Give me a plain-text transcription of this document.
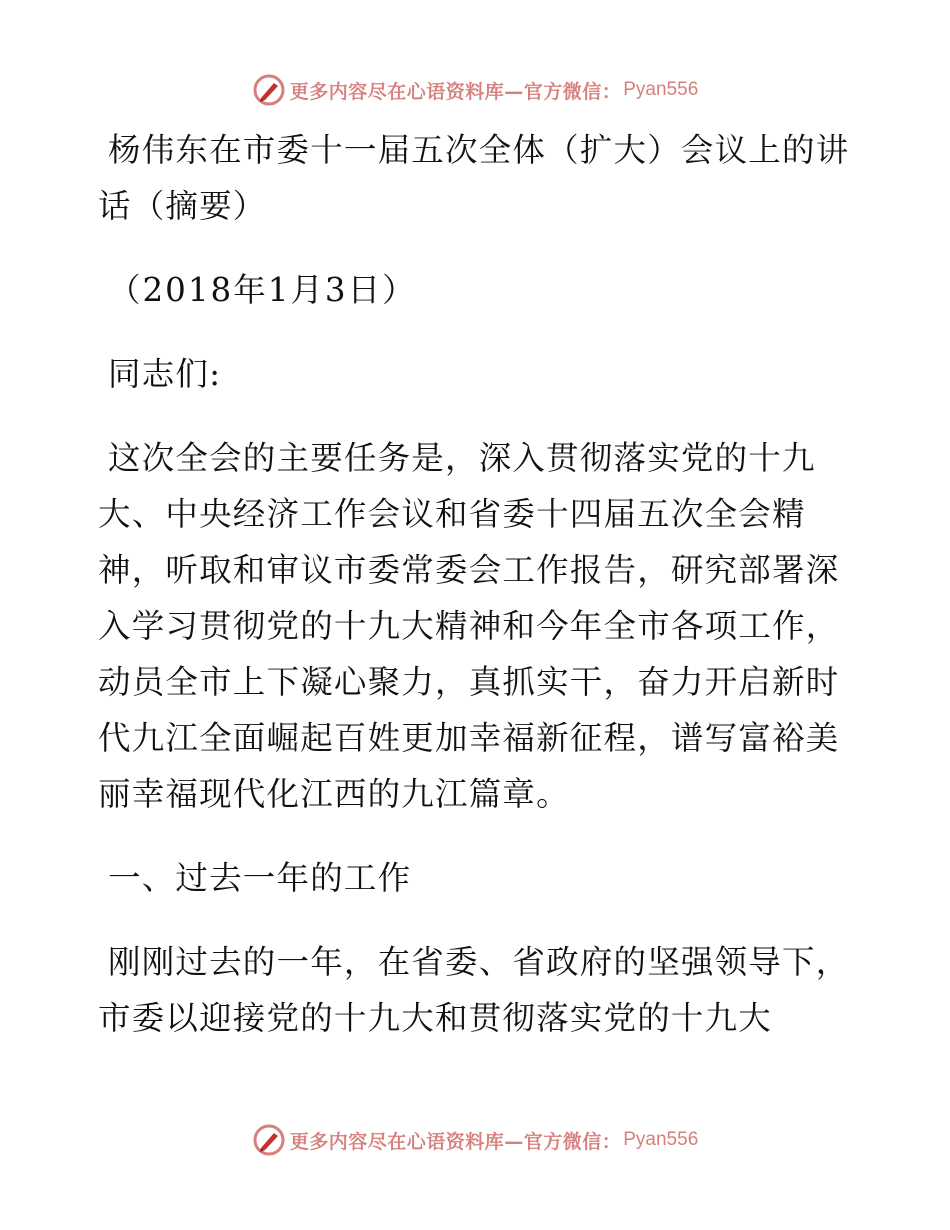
更多内容尽在心语资料库—官方微信： Pyan556

杨伟东在市委十一届五次全体（扩大）会议上的讲话（摘要）

（2018年1月3日）

同志们:

这次全会的主要任务是，深入贯彻落实党的十九大、中央经济工作会议和省委十四届五次全会精神，听取和审议市委常委会工作报告，研究部署深入学习贯彻党的十九大精神和今年全市各项工作，动员全市上下凝心聚力，真抓实干，奋力开启新时代九江全面崛起百姓更加幸福新征程，谱写富裕美丽幸福现代化江西的九江篇章。

一、过去一年的工作

刚刚过去的一年，在省委、省政府的坚强领导下，市委以迎接党的十九大和贯彻落实党的十九大

更多内容尽在心语资料库—官方微信： Pyan556
